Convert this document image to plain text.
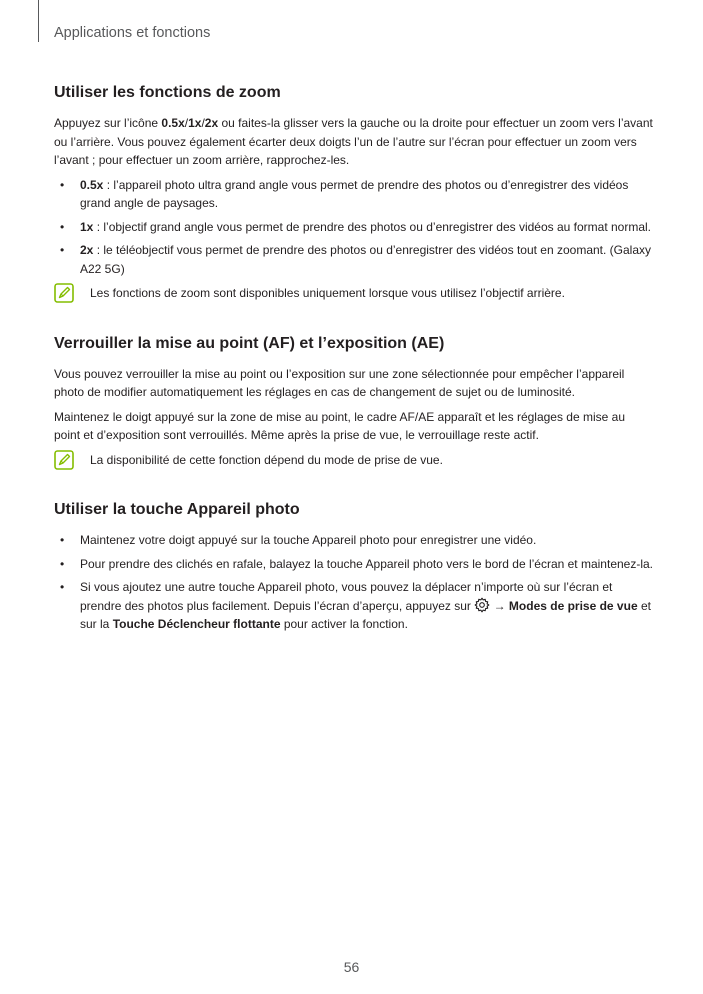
Applications et fonctions
Utiliser les fonctions de zoom

Appuyez sur l’icône 0.5x/1x/2x ou faites-la glisser vers la gauche ou la droite pour effectuer un zoom vers l’avant ou l’arrière. Vous pouvez également écarter deux doigts l’un de l’autre sur l’écran pour effectuer un zoom vers l’avant ; pour effectuer un zoom arrière, rapprochez-les.

• 0.5x : l’appareil photo ultra grand angle vous permet de prendre des photos ou d’enregistrer des vidéos grand angle de paysages.
• 1x : l’objectif grand angle vous permet de prendre des photos ou d’enregistrer des vidéos au format normal.
• 2x : le téléobjectif vous permet de prendre des photos ou d’enregistrer des vidéos tout en zoomant. (Galaxy A22 5G)
Les fonctions de zoom sont disponibles uniquement lorsque vous utilisez l’objectif arrière.
Verrouiller la mise au point (AF) et l’exposition (AE)

Vous pouvez verrouiller la mise au point ou l’exposition sur une zone sélectionnée pour empêcher l’appareil photo de modifier automatiquement les réglages en cas de changement de sujet ou de luminosité.

Maintenez le doigt appuyé sur la zone de mise au point, le cadre AF/AE apparaît et les réglages de mise au point et d’exposition sont verrouillés. Même après la prise de vue, le verrouillage reste actif.

La disponibilité de cette fonction dépend du mode de prise de vue.
Utiliser la touche Appareil photo
• Maintenez votre doigt appuyé sur la touche Appareil photo pour enregistrer une vidéo.
• Pour prendre des clichés en rafale, balayez la touche Appareil photo vers le bord de l’écran et maintenez-la.
• Si vous ajoutez une autre touche Appareil photo, vous pouvez la déplacer n’importe où sur l’écran et prendre des photos plus facilement. Depuis l’écran d’aperçu, appuyez sur  → Modes de prise de vue et sur la Touche Déclencheur flottante pour activer la fonction.
56
